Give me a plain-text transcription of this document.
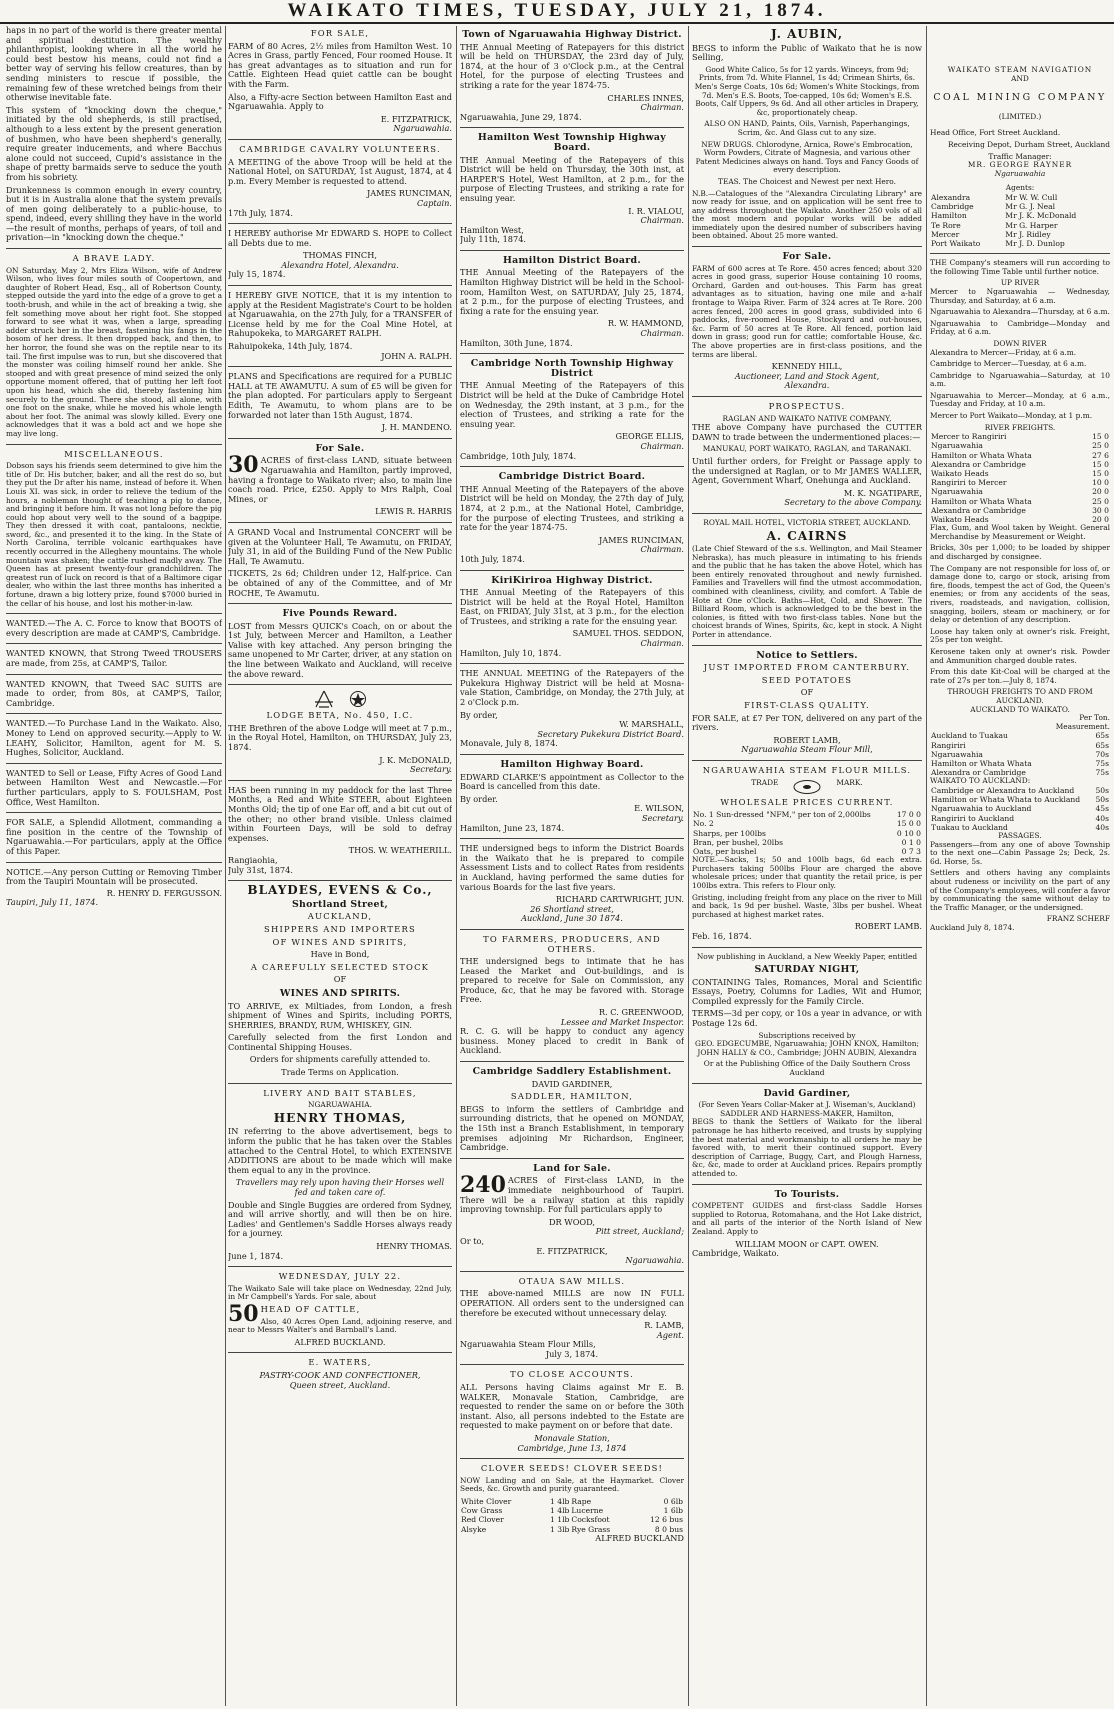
WAIKATO TIMES, TUESDAY, JULY 21, 1874.

haps in no part of the world is there greater mental and spiritual destitution. The wealthy philanthropist, looking where in all the world he could best bestow his means, could not find a better way of serving his fellow creatures, than by sending ministers to rescue if possible, the remaining few of these wretched beings from their otherwise inevitable fate.

This system of "knocking down the cheque," initiated by the old shepherds, is still practised, although to a less extent by the present generation of bushmen, who have been shepherd's generally, require greater inducements, and where Bacchus alone could not succeed, Cupid's assistance in the shape of pretty barmaids serve to seduce the youth from his sobriety.

Drunkenness is common enough in every country, but it is in Australia alone that the system prevails of men going deliberately to a public-house, to spend, indeed, every shilling they have in the world—the result of months, perhaps of years, of toil and privation—in "knocking down the cheque."

A BRAVE LADY.

ON Saturday, May 2, Mrs Eliza Wilson, wife of Andrew Wilson, who lives four miles south of Coopertown, and daughter of Robert Head, Esq., all of Robertson County, stepped outside the yard into the edge of a grove to get a tooth-brush, and while in the act of breaking a twig, she felt something move about her right foot. She stopped forward to see what it was, when a large, spreading adder struck her in the breast, fastening his fangs in the bosom of her dress. It then dropped back, and then, to her horror, the found she was on the reptile near to its tail. The first impulse was to run, but she discovered that the monster was coiling himself round her ankle. She stooped and with great presence of mind seized the only opportune moment offered, that of putting her left foot upon his head, which she did, thereby fastening him securely to the ground. There she stood, all alone, with one foot on the snake, while he moved his whole length about her foot. The animal was slowly killed. Every one acknowledges that it was a bold act and we hope she may live long.

MISCELLANEOUS.

Dobson says his friends seem determined to give him the title of Dr. His butcher, baker, and all the rest do so, but they put the Dr after his name, instead of before it. When Louis XI. was sick, in order to relieve the tedium of the hours, a nobleman thought of teaching a pig to dance, and bringing it before him. It was not long before the pig could hop about very well to the sound of a bagpipe. They then dressed it with coat, pantaloons, necktie, sword, &c., and presented it to the king. In the State of North Carolina, terrible volcanic earthquakes have recently occurred in the Allegheny mountains. The whole mountain was shaken; the cattle rushed madly away. The Queen has at present twenty-four grandchildren. The greatest run of luck on record is that of a Baltimore cigar dealer, who within the last three months has inherited a fortune, drawn a big lottery prize, found $7000 buried in the cellar of his house, and lost his mother-in-law.

WANTED.—The A. C. Force to know that BOOTS of every description are made at CAMP'S, Cambridge.

WANTED KNOWN, that Strong Tweed TROUSERS are made, from 25s, at CAMP'S, Tailor.

WANTED KNOWN, that Tweed SAC SUITS are made to order, from 80s, at CAMP'S, Tailor, Cambridge.

WANTED.—To Purchase Land in the Waikato. Also, Money to Lend on approved security.—Apply to W. LEAHY, Solicitor, Hamilton, agent for M. S. Hughes, Solicitor, Auckland.

WANTED to Sell or Lease, Fifty Acres of Good Land between Hamilton West and Newcastle.—For further particulars, apply to S. FOULSHAM, Post Office, West Hamilton.

FOR SALE, a Splendid Allotment, commanding a fine position in the centre of the Township of Ngaruawahia.—For particulars, apply at the Office of this Paper.

NOTICE.—Any person Cutting or Removing Timber from the Taupiri Mountain will be prosecuted.

R. HENRY D. FERGUSSON.
Taupiri, July 11, 1874.
FOR SALE,

FARM of 80 Acres, 2½ miles from Hamilton West. 10 Acres in Grass, partly Fenced, Four roomed House. It has great advantages as to situation and run for Cattle. Eighteen Head quiet cattle can be bought with the Farm.

Also, a Fifty-acre Section between Hamilton East and Ngaruawahia. Apply to

E. FITZPATRICK,
Ngaruawahia.
CAMBRIDGE CAVALRY VOLUNTEERS.

A MEETING of the above Troop will be held at the National Hotel, on SATURDAY, 1st August, 1874, at 4 p.m. Every Member is requested to attend.

JAMES RUNCIMAN,
Captain.
17th July, 1874.

I HEREBY authorise Mr EDWARD S. HOPE to Collect all Debts due to me.

THOMAS FINCH,
Alexandra Hotel, Alexandra.
July 15, 1874.

I HEREBY GIVE NOTICE, that it is my intention to apply at the Resident Magistrate's Court to be holden at Ngaruawahia, on the 27th July, for a TRANSFER of License held by me for the Coal Mine Hotel, at Rahupokeka, to MARGARET RALPH.

Rahuipokeka, 14th July, 1874.
JOHN A. RALPH.

PLANS and Specifications are required for a PUBLIC HALL at TE AWAMUTU. A sum of £5 will be given for the plan adopted. For particulars apply to Sergeant Edith, Te Awamutu, to whom plans are to be forwarded not later than 15th August, 1874.

J. H. MANDENO.
For Sale.

30 ACRES of first-class LAND, situate between Ngaruawahia and Hamilton, partly improved, having a frontage to Waikato river; also, to main line coach road. Price, £250. Apply to Mrs Ralph, Coal Mines, or

LEWIS R. HARRIS

A GRAND Vocal and Instrumental CONCERT will be given at the Volunteer Hall, Te Awamutu, on FRIDAY, July 31, in aid of the Building Fund of the New Public Hall, Te Awamutu.

TICKETS, 2s 6d; Children under 12, Half-price. Can be obtained of any of the Committee, and of Mr ROCHE, Te Awamutu.

Five Pounds Reward.

LOST from Messrs QUICK's Coach, on or about the 1st July, between Mercer and Hamilton, a Leather Valise with key attached. Any person bringing the same unopened to Mr Carter, driver, at any station on the line between Waikato and Auckland, will receive the above reward.

LODGE BETA, No. 450, I.C.

THE Brethren of the above Lodge will meet at 7 p.m., in the Royal Hotel, Hamilton, on THURSDAY, July 23, 1874.

J. K. McDONALD,
Secretary.

HAS been running in my paddock for the last Three Months, a Red and White STEER, about Eighteen Months Old; the tip of one Ear off, and a bit cut out of the other; no other brand visible. Unless claimed within Fourteen Days, will be sold to defray expenses.

THOS. W. WEATHERILL.
Rangiaohia,
July 31st, 1874.
BLAYDES, EVENS & Co.,
Shortland Street,
AUCKLAND,
SHIPPERS AND IMPORTERS
OF WINES AND SPIRITS,
Have in Bond,
A CAREFULLY SELECTED STOCK
OF
WINES AND SPIRITS.

TO ARRIVE, ex Miltiades, from London, a fresh shipment of Wines and Spirits, including PORTS, SHERRIES, BRANDY, RUM, WHISKEY, GIN.

Carefully selected from the first London and Continental Shipping Houses.

Orders for shipments carefully attended to.

Trade Terms on Application.

LIVERY AND BAIT STABLES,
NGARUAWAHIA.
HENRY THOMAS,

IN referring to the above advertisement, begs to inform the public that he has taken over the Stables attached to the Central Hotel, to which EXTENSIVE ADDITIONS are about to be made which will make them equal to any in the province.

Travellers may rely upon having their Horses well fed and taken care of.

Double and Single Buggies are ordered from Sydney, and will arrive shortly, and will then be on hire. Ladies' and Gentlemen's Saddle Horses always ready for a journey.

HENRY THOMAS.
June 1, 1874.
WEDNESDAY, JULY 22.

The Waikato Sale will take place on Wednesday, 22nd July, in Mr Campbell's Yards. For sale, about

50 HEAD OF CATTLE,

Also, 40 Acres Open Land, adjoining reserve, and near to Messrs Walter's and Barnball's Land.

ALFRED BUCKLAND.
E. WATERS,
PASTRY-COOK AND CONFECTIONER,
Queen street, Auckland.
Town of Ngaruawahia Highway District.

THE Annual Meeting of Ratepayers for this district will be held on THURSDAY, the 23rd day of July, 1874, at the hour of 3 o'Clock p.m., at the Central Hotel, for the purpose of electing Trustees and striking a rate for the year 1874-75.

CHARLES INNES,
Chairman.
Ngaruawahia, June 29, 1874.
Hamilton West Township Highway Board.

THE Annual Meeting of the Ratepayers of this District will be held on Thursday, the 30th inst, at HARPER'S Hotel, West Hamilton, at 2 p.m., for the purpose of Electing Trustees, and striking a rate for ensuing year.

I. R. VIALOU,
Chairman.
Hamilton West,
July 11th, 1874.
Hamilton District Board.

THE Annual Meeting of the Ratepayers of the Hamilton Highway District will be held in the School-room, Hamilton West, on SATURDAY, July 25, 1874, at 2 p.m., for the purpose of electing Trustees, and fixing a rate for the ensuing year.

R. W. HAMMOND,
Chairman.
Hamilton, 30th June, 1874.
Cambridge North Township Highway District

THE Annual Meeting of the Ratepayers of this District will be held at the Duke of Cambridge Hotel on Wednesday, the 29th instant, at 3 p.m., for the election of Trustees, and striking a rate for the ensuing year.

GEORGE ELLIS,
Chairman.
Cambridge, 10th July, 1874.
Cambridge District Board.

THE Annual Meeting of the Ratepayers of the above District will be held on Monday, the 27th day of July, 1874, at 2 p.m., at the National Hotel, Cambridge, for the purpose of electing Trustees, and striking a rate for the year 1874-75.

JAMES RUNCIMAN,
Chairman.
10th July, 1874.
KiriKiriroa Highway District.

THE Annual Meeting of the Ratepayers of this District will be held at the Royal Hotel, Hamilton East, on FRIDAY, July 31st, at 3 p.m., for the election of Trustees, and striking a rate for the ensuing year.

SAMUEL THOS. SEDDON,
Chairman.
Hamilton, July 10, 1874.

THE ANNUAL MEETING of the Ratepayers of the Pukekura Highway District will be held at Mosna-vale Station, Cambridge, on Monday, the 27th July, at 2 o'Clock p.m.

By order,
W. MARSHALL,
Secretary Pukekura District Board.
Monavale, July 8, 1874.
Hamilton Highway Board.

EDWARD CLARKE'S appointment as Collector to the Board is cancelled from this date.

By order.
E. WILSON,
Secretary.
Hamilton, June 23, 1874.

THE undersigned begs to inform the District Boards in the Waikato that he is prepared to compile Assessment Lists and to collect Rates from residents in Auckland, having performed the same duties for various Boards for the last five years.

RICHARD CARTWRIGHT, JUN.
26 Shortland street,
Auckland, June 30 1874.
TO FARMERS, PRODUCERS, AND OTHERS.

THE undersigned begs to intimate that he has Leased the Market and Out-buildings, and is prepared to receive for Sale on Commission, any Produce, &c, that he may be favored with. Storage Free.

R. C. GREENWOOD,
Lessee and Market Inspector.

R. C. G. will be happy to conduct any agency business. Money placed to credit in Bank of Auckland.

Cambridge Saddlery Establishment.
DAVID GARDINER,
SADDLER, HAMILTON,

BEGS to inform the settlers of Cambridge and surrounding districts, that he opened on MONDAY, the 15th inst a Branch Establishment, in temporary premises adjoining Mr Richardson, Engineer, Cambridge.

Land for Sale.

240 ACRES of First-class LAND, in the immediate neighbourhood of Taupiri. There will be a railway station at this rapidly improving township. For full particulars apply to

DR WOOD,
Pitt street, Auckland;
Or to,
E. FITZPATRICK,
Ngaruawahia.
OTAUA SAW MILLS.

THE above-named MILLS are now IN FULL OPERATION. All orders sent to the undersigned can therefore be executed without unnecessary delay.

R. LAMB,
Agent.
Ngaruawahia Steam Flour Mills,
July 3, 1874.
TO CLOSE ACCOUNTS.

ALL Persons having Claims against Mr E. B. WALKER, Monavale Station, Cambridge, are requested to render the same on or before the 30th instant. Also, all persons indebted to the Estate are requested to make payment on or before that date.

Monavale Station,
Cambridge, June 13, 1874
CLOVER SEEDS! CLOVER SEEDS!

NOW Landing and on Sale, at the Haymarket. Clover Seeds, &c. Growth and purity guaranteed.

White Clover	1 4lb	Rape	0 6lb
Cow Grass	1 4lb	Lucerne	1 6lb
Red Clover	1 1lb	Cocksfoot	12 6 bus
Alsyke	1 3lb	Rye Grass	8 0 bus
ALFRED BUCKLAND
J. AUBIN,

BEGS to inform the Public of Waikato that he is now Selling,

Good White Calico, 5s for 12 yards. Winceys, from 9d; Prints, from 7d. White Flannel, 1s 4d; Crimean Shirts, 6s. Men's Serge Coats, 10s 6d; Women's White Stockings, from 7d. Men's E.S. Boots, Toe-capped, 10s 6d; Women's E.S. Boots, Calf Uppers, 9s 6d. And all other articles in Drapery, &c, proportionately cheap.

ALSO ON HAND, Paints, Oils, Varnish, Paperhangings, Scrim, &c. And Glass cut to any size.

NEW DRUGS. Chlorodyne, Arnica, Rowe's Embrocation, Worm Powders, Citrate of Magnesia, and various other Patent Medicines always on hand. Toys and Fancy Goods of every description.

TEAS. The Choicest and Newest per next Hero.

N.B.—Catalogues of the "Alexandra Circulating Library" are now ready for issue, and on application will be sent free to any address throughout the Waikato. Another 250 vols of all the most modern and popular works will be added immediately upon the desired number of subscribers having been obtained. About 25 more wanted.

For Sale.

FARM of 600 acres at Te Rore. 450 acres fenced; about 320 acres in good grass, superior House containing 10 rooms, Orchard, Garden and out-houses. This Farm has great advantages as to situation, having one mile and a-half frontage to Waipa River. Farm of 324 acres at Te Rore. 200 acres fenced, 200 acres in good grass, subdivided into 6 paddocks, five-roomed House, Stockyard and out-houses, &c. Farm of 50 acres at Te Rore. All fenced, portion laid down in grass; good run for cattle; comfortable House, &c. The above properties are in first-class positions, and the terms are liberal.

KENNEDY HILL,
Auctioneer, Land and Stock Agent,
Alexandra.
PROSPECTUS.
RAGLAN AND WAIKATO NATIVE COMPANY,

THE above Company have purchased the CUTTER DAWN to trade between the undermentioned places:—

MANUKAU, PORT WAIKATO, RAGLAN, and TARANAKI.

Until further orders, for Freight or Passage apply to the undersigned at Raglan, or to Mr JAMES WALLER, Agent, Government Wharf, Onehunga and Auckland.

M. K. NGATIPARE,
Secretary to the above Company.
ROYAL MAIL HOTEL, VICTORIA STREET, AUCKLAND.
A. CAIRNS

(Late Chief Steward of the s.s. Wellington, and Mail Steamer Nebraska), has much pleasure in intimating to his friends and the public that he has taken the above Hotel, which has been entirely renovated throughout and newly furnished. Families and Travellers will find the utmost accommodation, combined with cleanliness, civility, and comfort. A Table de Hote at One o'Clock. Baths—Hot, Cold, and Shower. The Billiard Room, which is acknowledged to be the best in the colonies, is fitted with two first-class tables. None but the choicest brands of Wines, Spirits, &c, kept in stock. A Night Porter in attendance.

Notice to Settlers.
JUST IMPORTED FROM CANTERBURY.
SEED POTATOES
OF
FIRST-CLASS QUALITY.

FOR SALE, at £7 Per TON, delivered on any part of the rivers.

ROBERT LAMB,
Ngaruawahia Steam Flour Mill,
NGARUAWAHIA STEAM FLOUR MILLS.
TRADE	MARK.
WHOLESALE PRICES CURRENT.
No. 1 Sun-dressed "NFM," per ton of 2,000lbs	17 0 0
No. 2	15 0 0
Sharps, per 100lbs	0 10 0
Bran, per bushel, 20lbs	0 1 0
Oats, per bushel	0 7 3

NOTE.—Sacks, 1s; 50 and 100lb bags, 6d each extra. Purchasers taking 500lbs Flour are charged the above wholesale prices; under that quantity the retail price, is per 100lbs extra. This refers to Flour only.

Gristing, including freight from any place on the river to Mill and back, 1s 9d per bushel. Waste, 3lbs per bushel. Wheat purchased at highest market rates.

ROBERT LAMB.
Feb. 16, 1874.

Now publishing in Auckland, a New Weekly Paper, entitled

SATURDAY NIGHT,

CONTAINING Tales, Romances, Moral and Scientific Essays, Poetry, Columns for Ladies, Wit and Humor, Compiled expressly for the Family Circle.

TERMS—3d per copy, or 10s a year in advance, or with Postage 12s 6d.

Subscriptions received by

GEO. EDGECUMBE, Ngaruawahia; JOHN KNOX, Hamilton; JOHN HALLY & CO., Cambridge; JOHN AUBIN, Alexandra

Or at the Publishing Office of the Daily Southern Cross Auckland

David Gardiner,
(For Seven Years Collar-Maker at J. Wiseman's, Auckland) SADDLER AND HARNESS-MAKER, Hamilton,

BEGS to thank the Settlers of Waikato for the liberal patronage he has hitherto received, and trusts by supplying the best material and workmanship to all orders he may be favored with, to merit their continued support. Every description of Carriage, Buggy, Cart, and Plough Harness, &c, &c, made to order at Auckland prices. Repairs promptly attended to.

To Tourists.

COMPETENT GUIDES and first-class Saddle Horses supplied to Rotorua, Rotomahana, and the Hot Lake district, and all parts of the interior of the North Island of New Zealand. Apply to

WILLIAM MOON or CAPT. OWEN.
Cambridge, Waikato.
WAIKATO STEAM NAVIGATION
AND
COAL MINING COMPANY
(LIMITED.)

Head Office, Fort Street Auckland.

Receiving Depot, Durham Street, Auckland

Traffic Manager:
MR. GEORGE RAYNER
Ngaruawahia
Agents:
Alexandra	Mr W. W. Cull
Cambridge	Mr G. J. Neal
Hamilton	Mr J. K. McDonald
Te Rore	Mr G. Harper
Mercer	Mr J. Ridley
Port Waikato	Mr J. D. Dunlop

THE Company's steamers will run according to the following Time Table until further notice.

UP RIVER

Mercer to Ngaruawahia — Wednesday, Thursday, and Saturday, at 6 a.m.

Ngaruawahia to Alexandra—Thursday, at 6 a.m.

Ngaruawahia to Cambridge—Monday and Friday, at 6 a.m.

DOWN RIVER

Alexandra to Mercer—Friday, at 6 a.m.

Cambridge to Mercer—Tuesday, at 6 a.m.

Cambridge to Ngaruawahia—Saturday, at 10 a.m.

Ngaruawahia to Mercer—Monday, at 6 a.m., Tuesday and Friday, at 10 a.m.

Mercer to Port Waikato—Monday, at 1 p.m.

RIVER FREIGHTS.
Mercer to Rangiriri	15 0
Ngaruawahia	25 0
Hamilton or Whata Whata	27 6
Alexandra or Cambridge	15 0
Waikato Heads	15 0
Rangiriri to Mercer	10 0
Ngaruawahia	20 0
Hamilton or Whata Whata	25 0
Alexandra or Cambridge	30 0
Waikato Heads	20 0

Flax, Gum, and Wool taken by Weight. General Merchandise by Measurement or Weight.

Bricks, 30s per 1,000; to be loaded by shipper and discharged by consignee.

The Company are not responsible for loss of, or damage done to, cargo or stock, arising from fire, floods, tempest the act of God, the Queen's enemies; or from any accidents of the seas, rivers, roadsteads, and navigation, collision, snagging, boilers, steam or machinery, or for delay or detention of any description.

Loose hay taken only at owner's risk. Freight, 25s per ton weight.

Kerosene taken only at owner's risk. Powder and Ammunition charged double rates.

From this date Kit-Coal will be charged at the rate of 27s per ton.—July 8, 1874.

THROUGH FREIGHTS TO AND FROM AUCKLAND.
AUCKLAND TO WAIKATO.
Per Ton.
Measurement.
Auckland to Tuakau	65s
Rangiriri	65s
Ngaruawahia	70s
Hamilton or Whata Whata	75s
Alexandra or Cambridge	75s
WAIKATO TO AUCKLAND:
Cambridge or Alexandra to Auckland	50s
Hamilton or Whata Whata to Auckland	50s
Ngaruawahia to Auckland	45s
Rangiriri to Auckland	40s
Tuakau to Auckland	40s
PASSAGES.

Passengers—from any one of above Township to the next one—Cabin Passage 2s; Deck, 2s. 6d. Horse, 5s.

Settlers and others having any complaints about rudeness or incivility on the part of any of the Company's employees, will confer a favor by communicating the same without delay to the Traffic Manager, or the undersigned.

FRANZ SCHERF
Auckland July 8, 1874.
